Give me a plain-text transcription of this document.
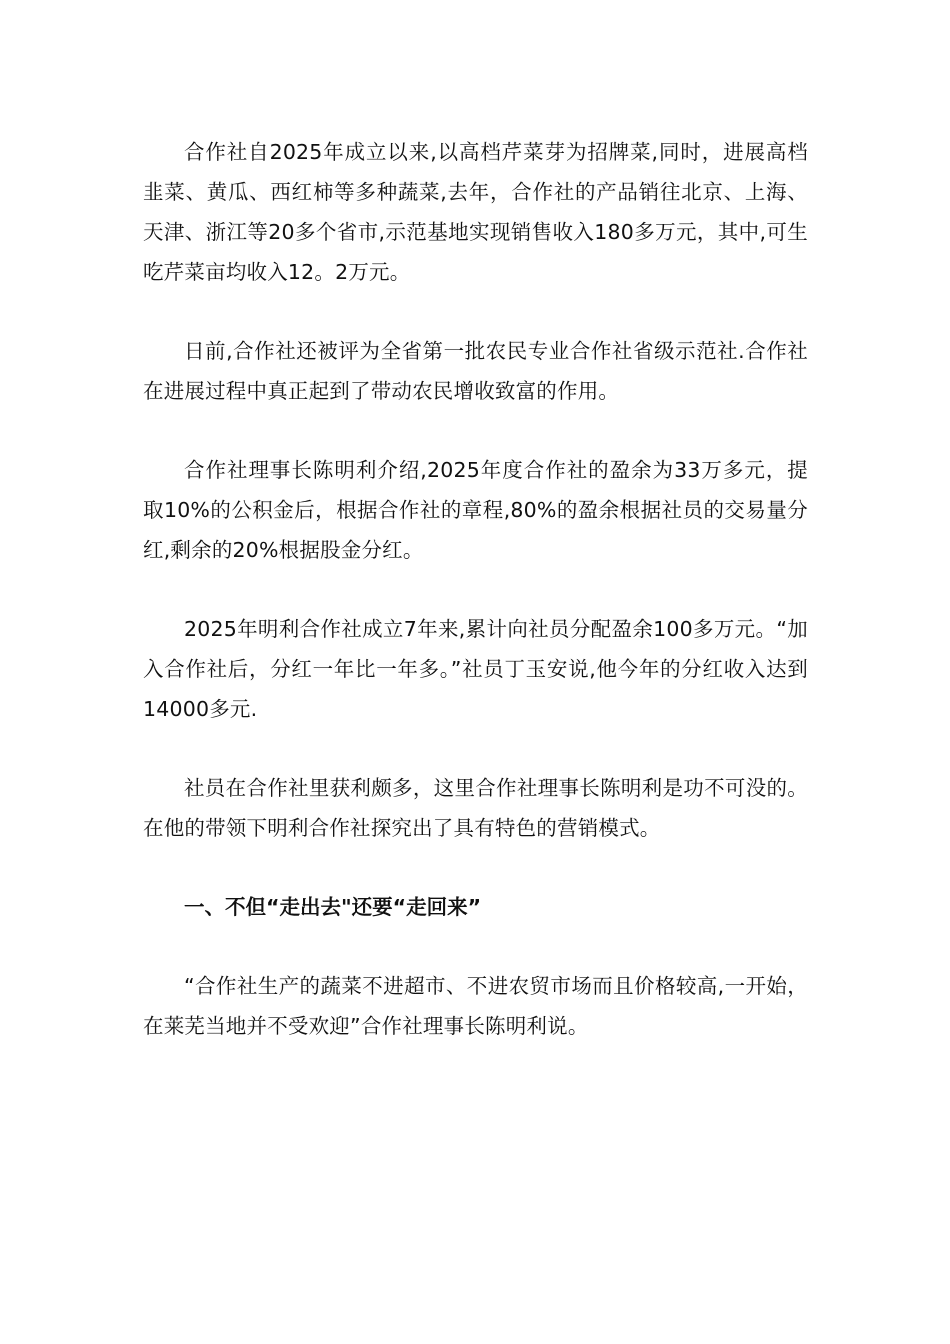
合作社自2025年成立以来,以高档芹菜芽为招牌菜,同时，进展高档韭菜、黄瓜、西红柿等多种蔬菜,去年，合作社的产品销往北京、上海、天津、浙江等20多个省市,示范基地实现销售收入180多万元，其中,可生吃芹菜亩均收入12。2万元。

日前,合作社还被评为全省第一批农民专业合作社省级示范社.合作社在进展过程中真正起到了带动农民增收致富的作用。

合作社理事长陈明利介绍,2025年度合作社的盈余为33万多元，提取10%的公积金后，根据合作社的章程,80%的盈余根据社员的交易量分红,剩余的20%根据股金分红。

2025年明利合作社成立7年来,累计向社员分配盈余100多万元。“加入合作社后，分红一年比一年多。”社员丁玉安说,他今年的分红收入达到14000多元.

社员在合作社里获利颇多，这里合作社理事长陈明利是功不可没的。在他的带领下明利合作社探究出了具有特色的营销模式。

一、不但“走出去"还要“走回来”

“合作社生产的蔬菜不进超市、不进农贸市场而且价格较高,一开始，在莱芜当地并不受欢迎”合作社理事长陈明利说。
